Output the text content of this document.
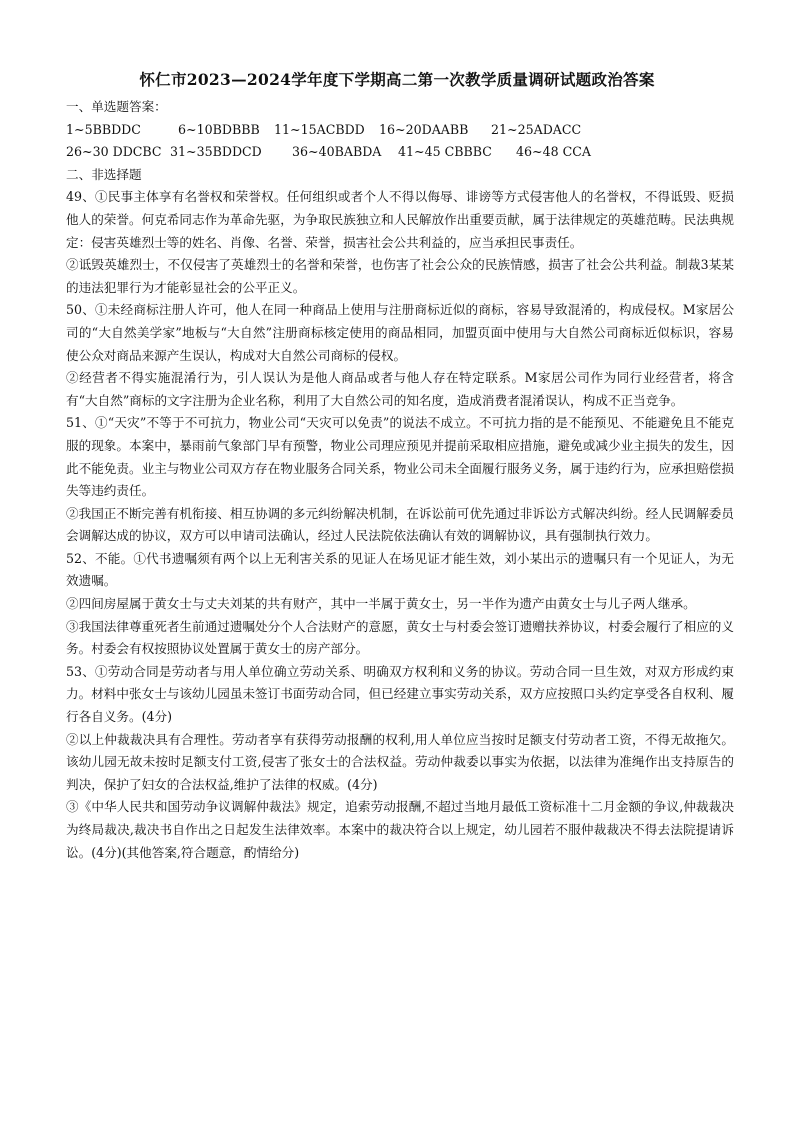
怀仁市2023—2024学年度下学期高二第一次教学质量调研试题政治答案

一、单选题答案：

1~5BBDDC	6~10BDBBB	11~15ACBDD	16~20DAABB	21~25ADACC
26~30 DDCBC 31~35BDDCD	36~40BABDA	41~45 CBBBC	46~48 CCA

二、非选择题

49、①民事主体享有名誉权和荣誉权。任何组织或者个人不得以侮辱、诽谤等方式侵害他人的名誉权，不得诋毁、贬损他人的荣誉。何克希同志作为革命先驱，为争取民族独立和人民解放作出重要贡献，属于法律规定的英雄范畴。民法典规定：侵害英雄烈士等的姓名、肖像、名誉、荣誉，损害社会公共利益的，应当承担民事责任。

②诋毁英雄烈士，不仅侵害了英雄烈士的名誉和荣誉，也伤害了社会公众的民族情感，损害了社会公共利益。制裁3某某的违法犯罪行为才能彰显社会的公平正义。

50、①未经商标注册人许可，他人在同一种商品上使用与注册商标近似的商标，容易导致混淆的，构成侵权。M家居公司的“大自然美学家”地板与“大自然”注册商标核定使用的商品相同，加盟页面中使用与大自然公司商标近似标识，容易使公众对商品来源产生误认，构成对大自然公司商标的侵权。

②经营者不得实施混淆行为，引人误认为是他人商品或者与他人存在特定联系。M家居公司作为同行业经营者，将含有“大自然”商标的文字注册为企业名称，利用了大自然公司的知名度，造成消费者混淆误认，构成不正当竞争。

51、①“天灾”不等于不可抗力，物业公司“天灾可以免责”的说法不成立。不可抗力指的是不能预见、不能避免且不能克服的现象。本案中，暴雨前气象部门早有预警，物业公司理应预见并提前采取相应措施，避免或减少业主损失的发生，因此不能免责。业主与物业公司双方存在物业服务合同关系，物业公司未全面履行服务义务，属于违约行为，应承担赔偿损失等违约责任。

②我国正不断完善有机衔接、相互协调的多元纠纷解决机制，在诉讼前可优先通过非诉讼方式解决纠纷。经人民调解委员会调解达成的协议，双方可以申请司法确认，经过人民法院依法确认有效的调解协议，具有强制执行效力。

52、不能。①代书遗嘱须有两个以上无利害关系的见证人在场见证才能生效，刘小某出示的遗嘱只有一个见证人，为无效遗嘱。

②四间房屋属于黄女士与丈夫刘某的共有财产，其中一半属于黄女士，另一半作为遗产由黄女士与儿子两人继承。

③我国法律尊重死者生前通过遗嘱处分个人合法财产的意愿，黄女士与村委会签订遗赠扶养协议，村委会履行了相应的义务。村委会有权按照协议处置属于黄女士的房产部分。

53、①劳动合同是劳动者与用人单位确立劳动关系、明确双方权利和义务的协议。劳动合同一旦生效，对双方形成约束力。材料中张女士与该幼儿园虽未签订书面劳动合同，但已经建立事实劳动关系，双方应按照口头约定享受各自权利、履行各自义务。(4分)

②以上仲裁裁决具有合理性。劳动者享有获得劳动报酬的权利,用人单位应当按时足额支付劳动者工资，不得无故拖欠。该幼儿园无故未按时足额支付工资,侵害了张女士的合法权益。劳动仲裁委以事实为依据，以法律为准绳作出支持原告的判决，保护了妇女的合法权益,维护了法律的权威。(4分)

③《中华人民共和国劳动争议调解仲裁法》规定，追索劳动报酬,不超过当地月最低工资标准十二月金额的争议,仲裁裁决为终局裁决,裁决书自作出之日起发生法律效率。本案中的裁决符合以上规定，幼儿园若不服仲裁裁决不得去法院提请诉讼。(4分)(其他答案,符合题意，酌情给分)
